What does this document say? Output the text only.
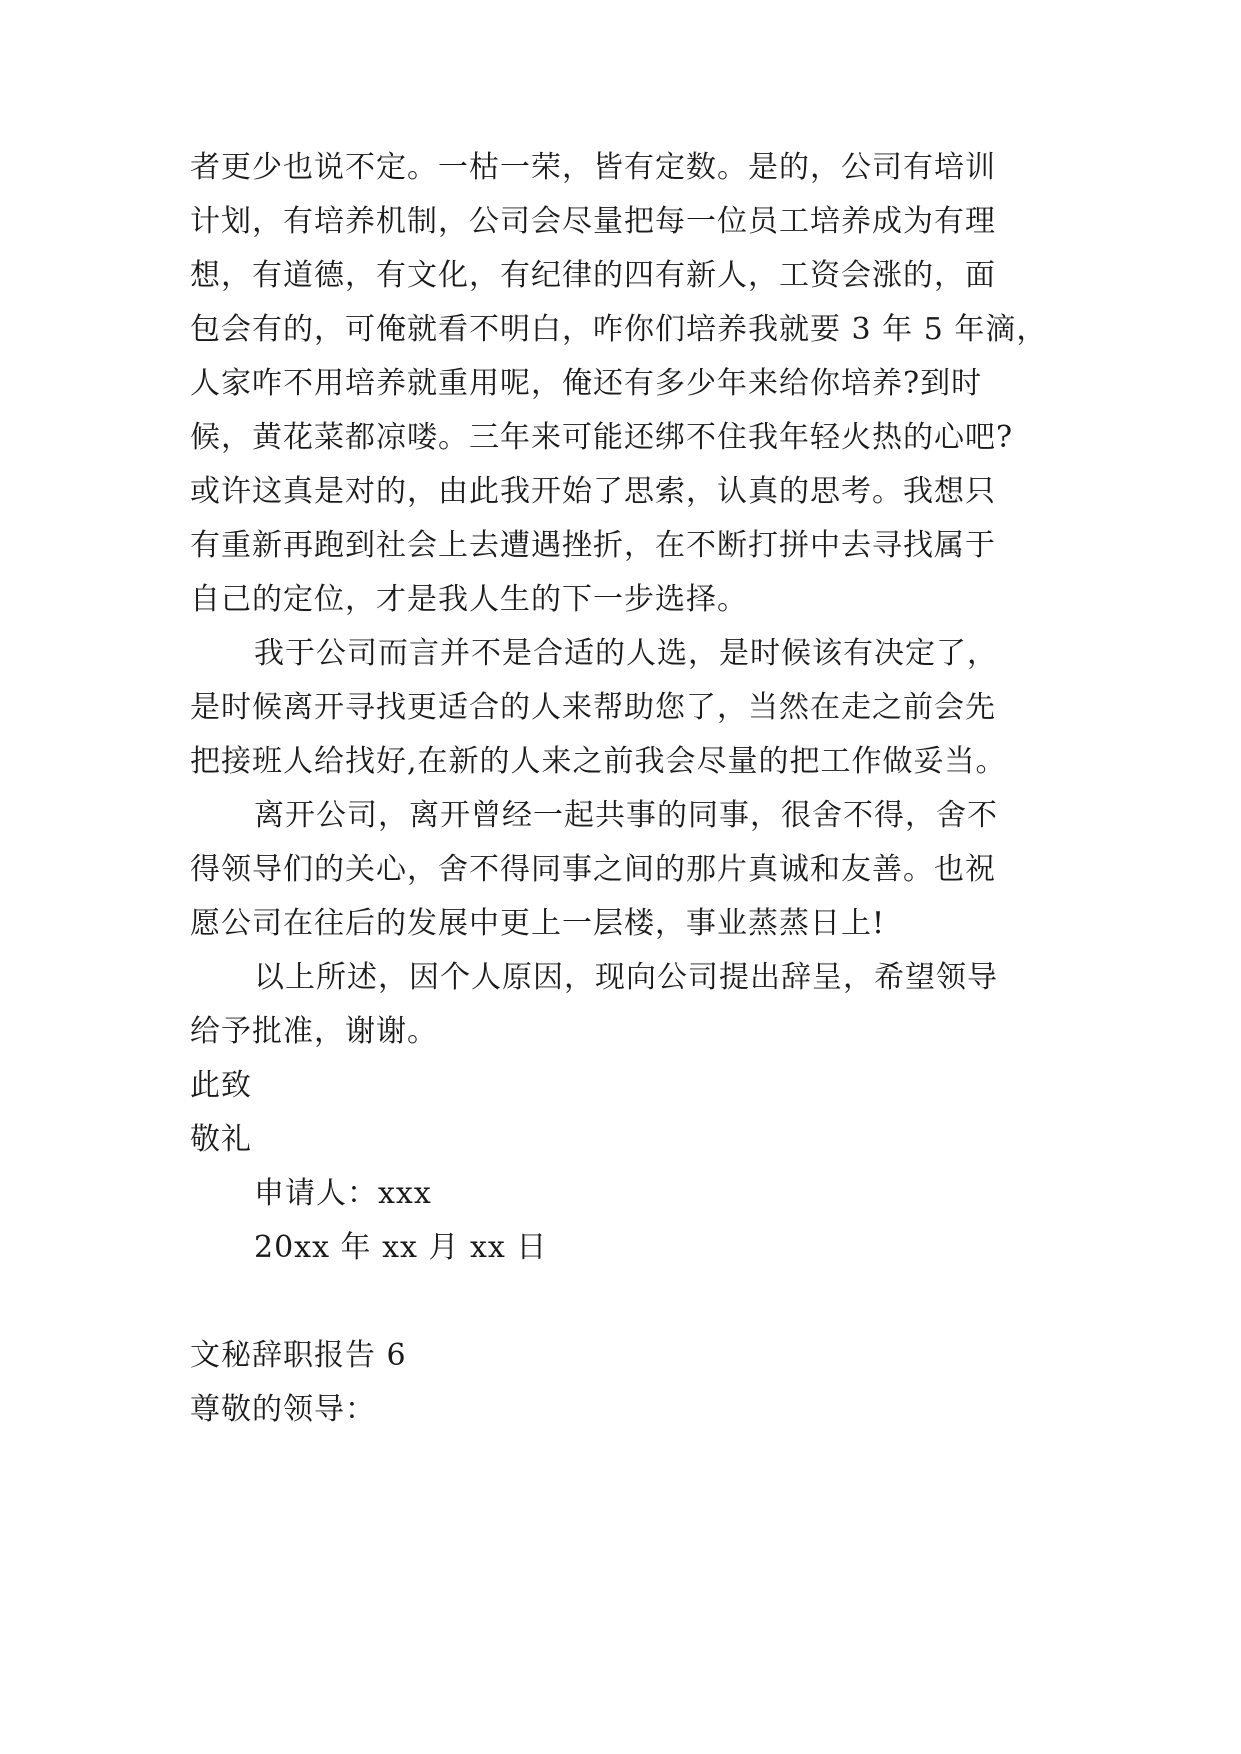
者更少也说不定。一枯一荣，皆有定数。是的，公司有培训
计划，有培养机制，公司会尽量把每一位员工培养成为有理
想，有道德，有文化，有纪律的四有新人，工资会涨的，面
包会有的，可俺就看不明白，咋你们培养我就要 3 年 5 年滴，
人家咋不用培养就重用呢，俺还有多少年来给你培养?到时
候，黄花菜都凉喽。三年来可能还绑不住我年轻火热的心吧?
或许这真是对的，由此我开始了思索，认真的思考。我想只
有重新再跑到社会上去遭遇挫折，在不断打拼中去寻找属于
自己的定位，才是我人生的下一步选择。
我于公司而言并不是合适的人选，是时候该有决定了，
是时候离开寻找更适合的人来帮助您了，当然在走之前会先
把接班人给找好,在新的人来之前我会尽量的把工作做妥当。
离开公司，离开曾经一起共事的同事，很舍不得，舍不
得领导们的关心，舍不得同事之间的那片真诚和友善。也祝
愿公司在往后的发展中更上一层楼，事业蒸蒸日上!
以上所述，因个人原因，现向公司提出辞呈，希望领导
给予批准，谢谢。
此致
敬礼
申请人：xxx
20xx 年 xx 月 xx 日
文秘辞职报告 6
尊敬的领导：
